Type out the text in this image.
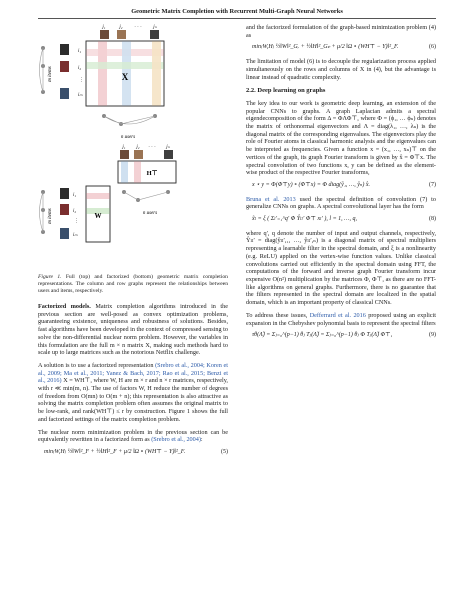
Geometric Matrix Completion with Recurrent Multi-Graph Neural Networks
j₁	j₂ · · · jₙ
i₁
i₂
⋮
iₘ
m items	X
n users
j₁ j₂ · · · jₙ
H⊤
i₁
i₂
⋮
iₘ
m items	W	n users
Figure 1. Full (top) and factorized (bottom) geometric matrix completion representations. The column and row graphs represent the relationships between users and items, respectively.

Factorized models. Matrix completion algorithms introduced in the previous section are well-posed as convex optimization problems, guaranteeing existence, uniqueness and robustness of solutions. Besides, fast algorithms have been developed in the context of compressed sensing to solve the non-differential nuclear norm problem. However, the variables in this formulation are the full m × n matrix X, making such methods hard to scale up to large matrices such as the notorious Netflix challenge.

A solution is to use a factorized representation (Srebro et al., 2004; Koren et al., 2009; Ma et al., 2011; Yanez & Bach, 2017; Rao et al., 2015; Benzi et al., 2016) X = WH⊤, where W, H are m × r and n × r matrices, respectively, with r ≪ min(m, n). The use of factors W, H reduce the number of degrees of freedom from O(mn) to O(m + n); this representation is also attractive as solving the matrix completion problem often assumes the original matrix to be low-rank, and rank(WH⊤) ≤ r by construction. Figure 1 shows the full and factorized settings of the matrix completion problem.

The nuclear norm minimization problem in the previous section can be equivalently rewritten in a factorized form as (Srebro et al., 2004):

min₍W,H₎ ½‖W‖²_F + ½‖H‖²_F + μ/2 ‖Ω ∘ (WH⊤ − Y)‖²_F.	(5)

and the factorized formulation of the graph-based minimization problem (4) as

min₍W,H₎ ½‖W‖²_Gᵣ + ½‖H‖²_G𝒸 + μ/2 ‖Ω ∘ (WH⊤ − Y)‖²_F.	(6)

The limitation of model (6) is to decouple the regularization process applied simultaneously on the rows and columns of X in (4), but the advantage is linear instead of quadratic complexity.

2.2. Deep learning on graphs

The key idea to our work is geometric deep learning, an extension of the popular CNNs to graphs. A graph Laplacian admits a spectral eigendecomposition of the form Δ = ΦΛΦ⊤, where Φ = (ϕ₁, … ϕₙ) denotes the matrix of orthonormal eigenvectors and Λ = diag(λ₁, …, λₙ) is the diagonal matrix of the corresponding eigenvalues. The eigenvectors play the role of Fourier atoms in classical harmonic analysis and the eigenvalues can be interpreted as frequencies. Given a function x = (x₁, …, xₙ)⊤ on the vertices of the graph, its graph Fourier transform is given by x̂ = Φ⊤x. The spectral convolution of two functions x, y can be defined as the element-wise product of the respective Fourier transforms,

x ⋆ y = Φ(Φ⊤y) ∘ (Φ⊤x) = Φ diag(ŷ₁, …, ŷₙ) x̂.	(7)

Bruna et al. 2013 used the spectral definition of convolution (7) to generalize CNNs on graphs. A spectral convolutional layer has the form

x̃ₗ = ξ ( Σₗ′₌₁^q′ Φ Ŷₗₗ′ Φ⊤ xₗ′ ), l = 1, …, q,	(8)

where q′, q denote the number of input and output channels, respectively, Ŷₗₗ′ = diag(ŷₗₗ′,₁, …, ŷₗₗ′,ₙ) is a diagonal matrix of spectral multipliers representing a learnable filter in the spectral domain, and ξ is a nonlinearity (e.g. ReLU) applied on the vertex-wise function values. Unlike classical convolutions carried out efficiently in the spectral domain using FFT, the computations of the forward and inverse graph Fourier transform incur expensive O(n²) multiplication by the matrices Φ, Φ⊤, as there are no FFT-like algorithms on general graphs. Furthermore, there is no guarantee that the filters represented in the spectral domain are localized in the spatial domain, which is an important property of classical CNNs.

To address these issues, Defferrard et al. 2016 proposed using an explicit expansion in the Chebyshev polynomial basis to represent the spectral filters

τθ(Λ̃) = Σⱼ₌₀^(p−1) θⱼ Tⱼ(Λ̃) = Σⱼ₌₀^(p−1) θⱼ Φ Tⱼ(Λ̃) Φ⊤,	(9)
